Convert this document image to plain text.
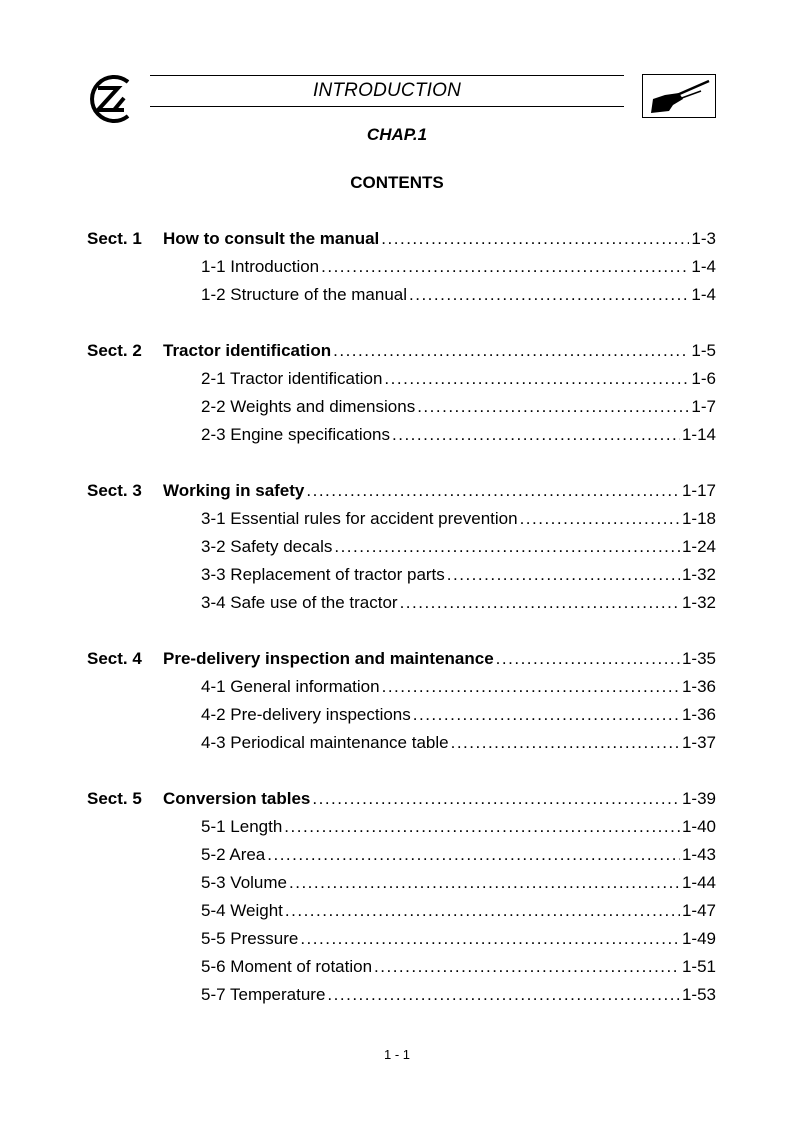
INTRODUCTION
CHAP.1
CONTENTS
Sect. 1 How to consult the manual .....	1-3
1-1 Introduction .....	1-4
1-2 Structure of the manual .....	1-4
Sect. 2 Tractor identification .....	1-5
2-1 Tractor identification .....	1-6
2-2 Weights and dimensions .....	1-7
2-3 Engine specifications .....	1-14
Sect. 3 Working in safety .....	1-17
3-1 Essential rules for accident prevention .....	1-18
3-2 Safety decals .....	1-24
3-3 Replacement of tractor parts .....	1-32
3-4 Safe use of the tractor .....	1-32
Sect. 4 Pre-delivery inspection and maintenance .....	1-35
4-1 General information .....	1-36
4-2 Pre-delivery inspections .....	1-36
4-3 Periodical maintenance table .....	1-37
Sect. 5 Conversion tables .....	1-39
5-1 Length .....	1-40
5-2 Area .....	1-43
5-3 Volume .....	1-44
5-4 Weight .....	1-47
5-5 Pressure .....	1-49
5-6 Moment of rotation .....	1-51
5-7 Temperature .....	1-53
1 - 1
